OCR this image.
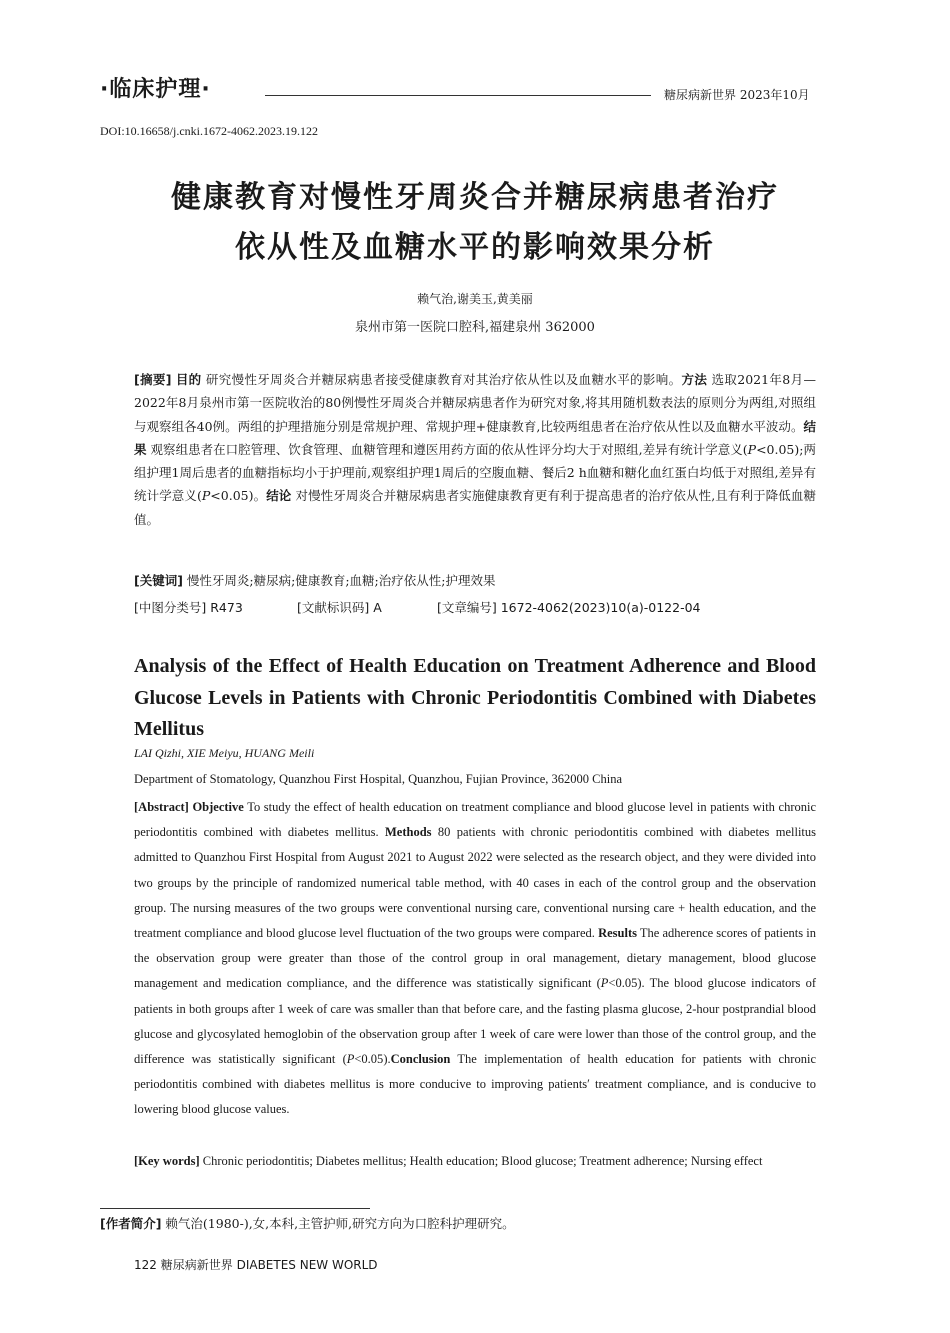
·临床护理·	糖尿病新世界 2023年10月
DOI:10.16658/j.cnki.1672-4062.2023.19.122
健康教育对慢性牙周炎合并糖尿病患者治疗
依从性及血糖水平的影响效果分析
赖气治,谢美玉,黄美丽
泉州市第一医院口腔科,福建泉州 362000
[摘要] 目的 研究慢性牙周炎合并糖尿病患者接受健康教育对其治疗依从性以及血糖水平的影响。方法 选取2021年8月—2022年8月泉州市第一医院收治的80例慢性牙周炎合并糖尿病患者作为研究对象,将其用随机数表法的原则分为两组,对照组与观察组各40例。两组的护理措施分别是常规护理、常规护理+健康教育,比较两组患者在治疗依从性以及血糖水平波动。结果 观察组患者在口腔管理、饮食管理、血糖管理和遵医用药方面的依从性评分均大于对照组,差异有统计学意义(P<0.05);两组护理1周后患者的血糖指标均小于护理前,观察组护理1周后的空腹血糖、餐后2 h血糖和糖化血红蛋白均低于对照组,差异有统计学意义(P<0.05)。结论 对慢性牙周炎合并糖尿病患者实施健康教育更有利于提高患者的治疗依从性,且有利于降低血糖值。
[关键词] 慢性牙周炎;糖尿病;健康教育;血糖;治疗依从性;护理效果
[中图分类号] R473	[文献标识码] A	[文章编号] 1672-4062(2023)10(a)-0122-04
Analysis of the Effect of Health Education on Treatment Adherence and Blood Glucose Levels in Patients with Chronic Periodontitis Combined with Diabetes Mellitus
LAI Qizhi, XIE Meiyu, HUANG Meili
Department of Stomatology, Quanzhou First Hospital, Quanzhou, Fujian Province, 362000 China
[Abstract] Objective To study the effect of health education on treatment compliance and blood glucose level in patients with chronic periodontitis combined with diabetes mellitus. Methods 80 patients with chronic periodontitis combined with diabetes mellitus admitted to Quanzhou First Hospital from August 2021 to August 2022 were selected as the research object, and they were divided into two groups by the principle of randomized numerical table method, with 40 cases in each of the control group and the observation group. The nursing measures of the two groups were conventional nursing care, conventional nursing care + health education, and the treatment compliance and blood glucose level fluctuation of the two groups were compared. Results The adherence scores of patients in the observation group were greater than those of the control group in oral management, dietary management, blood glucose management and medication compliance, and the difference was statistically significant (P<0.05). The blood glucose indicators of patients in both groups after 1 week of care was smaller than that before care, and the fasting plasma glucose, 2-hour postprandial blood glucose and glycosylated hemoglobin of the observation group after 1 week of care were lower than those of the control group, and the difference was statistically significant (P<0.05).Conclusion The implementation of health education for patients with chronic periodontitis combined with diabetes mellitus is more conducive to improving patients′ treatment compliance, and is conducive to lowering blood glucose values.
[Key words] Chronic periodontitis; Diabetes mellitus; Health education; Blood glucose; Treatment adherence; Nursing effect
[作者简介] 赖气治(1980-),女,本科,主管护师,研究方向为口腔科护理研究。
122 糖尿病新世界 DIABETES NEW WORLD
